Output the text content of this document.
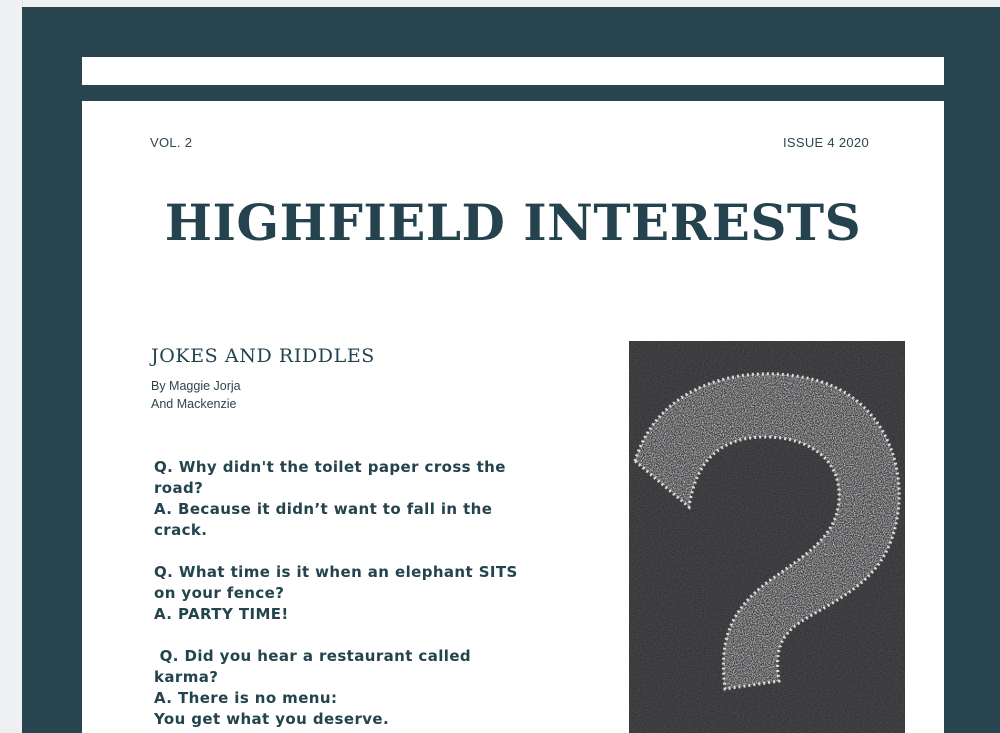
VOL. 2	ISSUE 4 2020
HIGHFIELD INTERESTS
JOKES AND RIDDLES
By Maggie Jorja
And Mackenzie
Q. Why didn't the toilet paper cross the
road?
A. Because it didn’t want to fall in the
crack.
Q. What time is it when an elephant SITS
on your fence?
A. PARTY TIME!
Q. Did you hear a restaurant called
karma?
A. There is no menu:
You get what you deserve.
